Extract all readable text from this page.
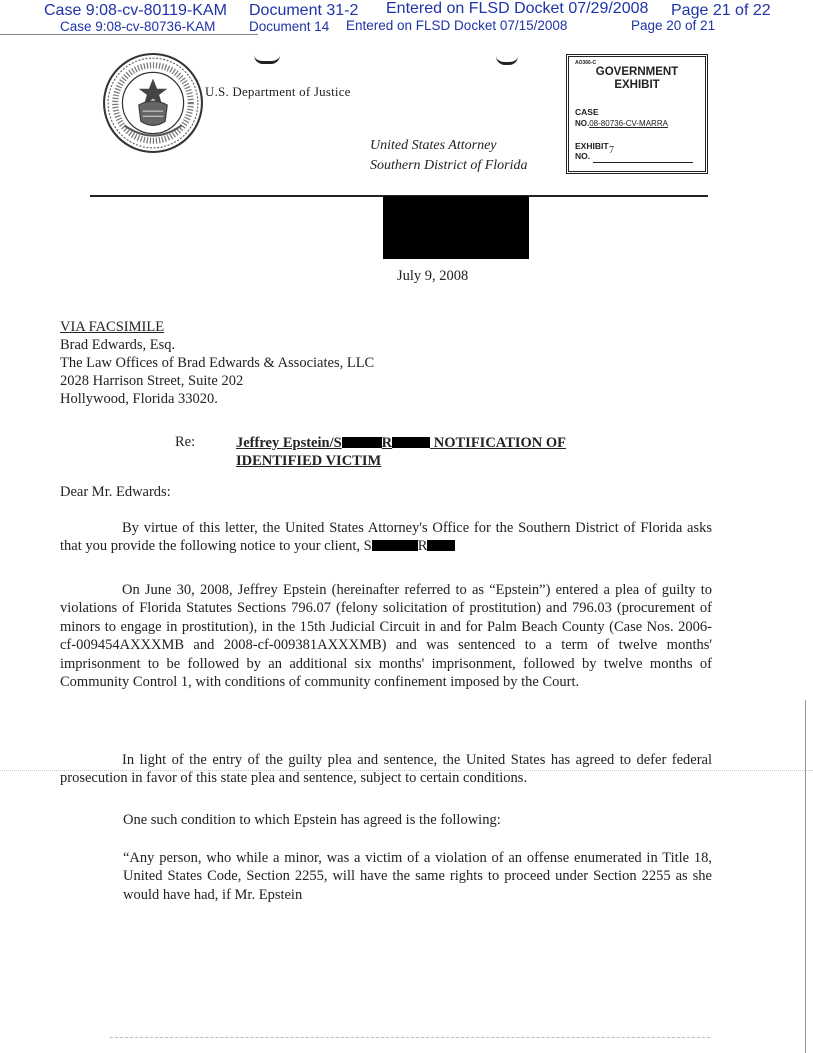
Case 9:08-cv-80119-KAM Document 31-2 Entered on FLSD Docket 07/29/2008 Page 21 of 22
Case 9:08-cv-80736-KAM Document 14 Entered on FLSD Docket 07/15/2008	Page 20 of 21
U.S. Department of Justice
United States Attorney
Southern District of Florida
AO366-C
GOVERNMENT
EXHIBIT
CASE
NO.08-80736-CV-MARRA
EXHIBIT
NO.	7
July 9, 2008
VIA FACSIMILE
Brad Edwards, Esq.
The Law Offices of Brad Edwards & Associates, LLC
2028 Harrison Street, Suite 202
Hollywood, Florida 33020.
Re:	Jeffrey Epstein/S	R	NOTIFICATION OF
IDENTIFIED VICTIM
Dear Mr. Edwards:
By virtue of this letter, the United States Attorney's Office for the Southern District of Florida asks that you provide the following notice to your client, S	R
On June 30, 2008, Jeffrey Epstein (hereinafter referred to as “Epstein”) entered a plea of guilty to violations of Florida Statutes Sections 796.07 (felony solicitation of prostitution) and 796.03 (procurement of minors to engage in prostitution), in the 15th Judicial Circuit in and for Palm Beach County (Case Nos. 2006-cf-009454AXXXMB and 2008-cf-009381AXXXMB) and was sentenced to a term of twelve months' imprisonment to be followed by an additional six months' imprisonment, followed by twelve months of Community Control 1, with conditions of community confinement imposed by the Court.
In light of the entry of the guilty plea and sentence, the United States has agreed to defer federal prosecution in favor of this state plea and sentence, subject to certain conditions.
One such condition to which Epstein has agreed is the following:
“Any person, who while a minor, was a victim of a violation of an offense enumerated in Title 18, United States Code, Section 2255, will have the same rights to proceed under Section 2255 as she would have had, if Mr. Epstein
